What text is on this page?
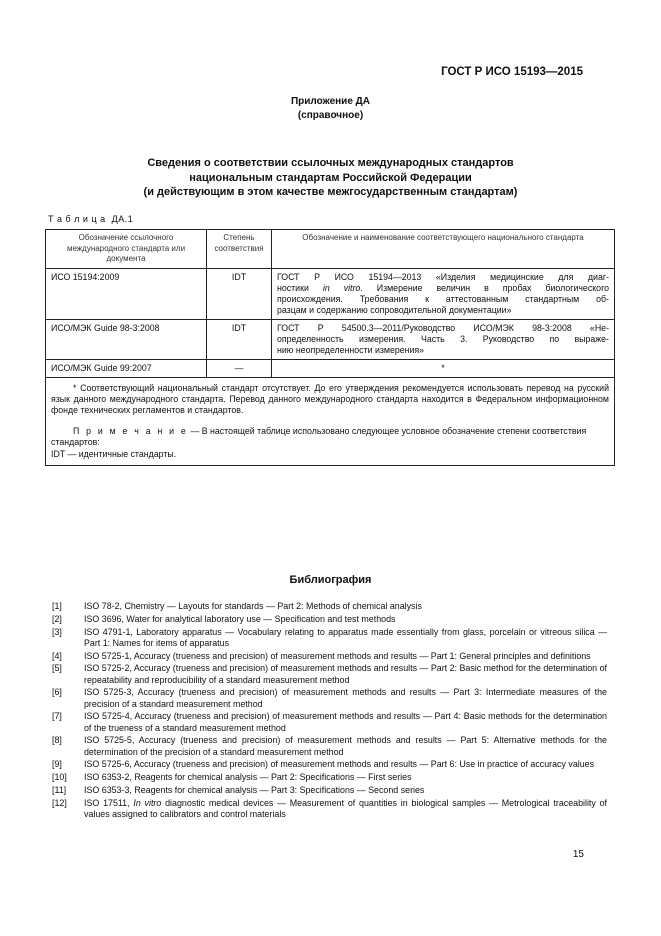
ГОСТ Р ИСО 15193—2015
Приложение ДА
(справочное)
Сведения о соответствии ссылочных международных стандартов
национальным стандартам Российской Федерации
(и действующим в этом качестве межгосударственным стандартам)
Т а б л и ц а  ДА.1
Обозначение ссылочного международного стандарта или документа	Степень соответствия	Обозначение и наименование соответствующего национального стандарта
ИСО 15194:2009	IDT	ГОСТ Р ИСО 15194—2013 «Изделия медицинские для диаг-
ностики in vitro. Измерение величин в пробах биологического
происхождения. Требования к аттестованным стандартным об-
разцам и содержанию сопроводительной документации»

ИСО/МЭК Guide 98-3:2008	IDT	ГОСТ Р 54500.3—2011/Руководство ИСО/МЭК 98-3:2008 «Не-
определенность измерения. Часть 3. Руководство по выраже-
нию неопределенности измерения»

ИСО/МЭК Guide 99:2007	—	*

* Соответствующий национальный стандарт отсутствует. До его утверждения рекомендуется использовать перевод на русский язык данного международного стандарта. Перевод данного международного стандарта находится в Федеральном информационном фонде технических регламентов и стандартов.

П р и м е ч а н и е — В настоящей таблице использовано следующее условное обозначение степени соответствия стандартов:

IDT — идентичные стандарты.		

Библиография
[1]	ISO 78-2, Chemistry — Layouts for standards — Part 2: Methods of chemical analysis
[2]	ISO 3696, Water for analytical laboratory use — Specification and test methods
[3]	ISO 4791-1, Laboratory apparatus — Vocabulary relating to apparatus made essentially from glass, porcelain or vitreous silica — Part 1: Names for items of apparatus
[4]	ISO 5725-1, Accuracy (trueness and precision) of measurement methods and results — Part 1: General principles and definitions
[5]	ISO 5725-2, Accuracy (trueness and precision) of measurement methods and results — Part 2: Basic method for the determination of repeatability and reproducibility of a standard measurement method
[6]	ISO 5725-3, Accuracy (trueness and precision) of measurement methods and results — Part 3: Intermediate measures of the precision of a standard measurement method
[7]	ISO 5725-4, Accuracy (trueness and precision) of measurement methods and results — Part 4: Basic methods for the determination of the trueness of a standard measurement method
[8]	ISO 5725-5, Accuracy (trueness and precision) of measurement methods and results — Part 5: Alternative methods for the determination of the precision of a standard measurement method
[9]	ISO 5725-6, Accuracy (trueness and precision) of measurement methods and results — Part 6: Use in practice of accuracy values
[10]	ISO 6353-2, Reagents for chemical analysis — Part 2: Specifications — First series
[11]	ISO 6353-3, Reagents for chemical analysis — Part 3: Specifications — Second series
[12]	ISO 17511, In vitro diagnostic medical devices — Measurement of quantities in biological samples — Metrological traceability of values assigned to calibrators and control materials
15
